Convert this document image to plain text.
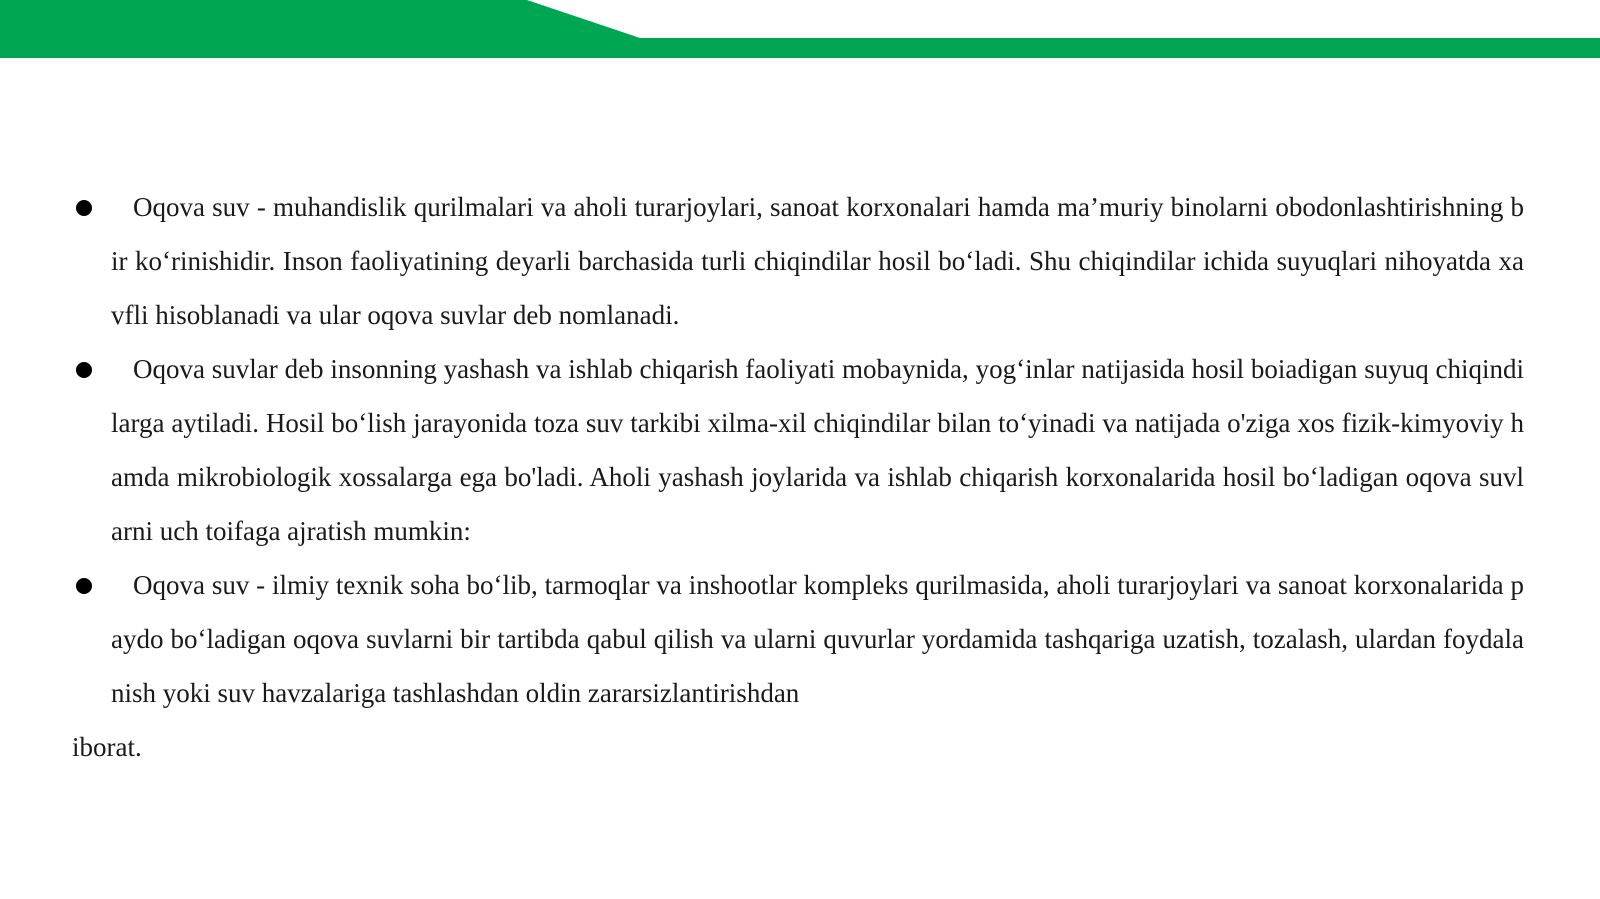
Oqova suv - muhandislik qurilmalari va aholi turarjoylari, sanoat korxonalari hamda ma’muriy binolarni obodonlashtirishning bir ko‘rinishidir. Inson faoliyatining deyarli barchasida turli chiqindilar hosil bo‘ladi. Shu chiqindilar ichida suyuqlari nihoyatda xavfli hisoblanadi va ular oqova suvlar deb nomlanadi.
Oqova suvlar deb insonning yashash va ishlab chiqarish faoliyati mobaynida, yog‘inlar natijasida hosil boiadigan suyuq chiqindilarga aytiladi. Hosil bo‘lish jarayonida toza suv tarkibi xilma-xil chiqindilar bilan to‘yinadi va natijada o'ziga xos fizik-kimyoviy hamda mikrobiologik xossalarga ega bo'ladi. Aholi yashash joylarida va ishlab chiqarish korxonalarida hosil bo‘ladigan oqova suvlarni uch toifaga ajratish mumkin:
Oqova suv - ilmiy texnik soha bo‘lib, tarmoqlar va inshootlar kompleks qurilmasida, aholi turarjoylari va sanoat korxonalarida paydo bo‘ladigan oqova suvlarni bir tartibda qabul qilish va ularni quvurlar yordamida tashqariga uzatish, tozalash, ulardan foydalanish yoki suv havzalariga tashlashdan oldin zararsizlantirishdan
iborat.
